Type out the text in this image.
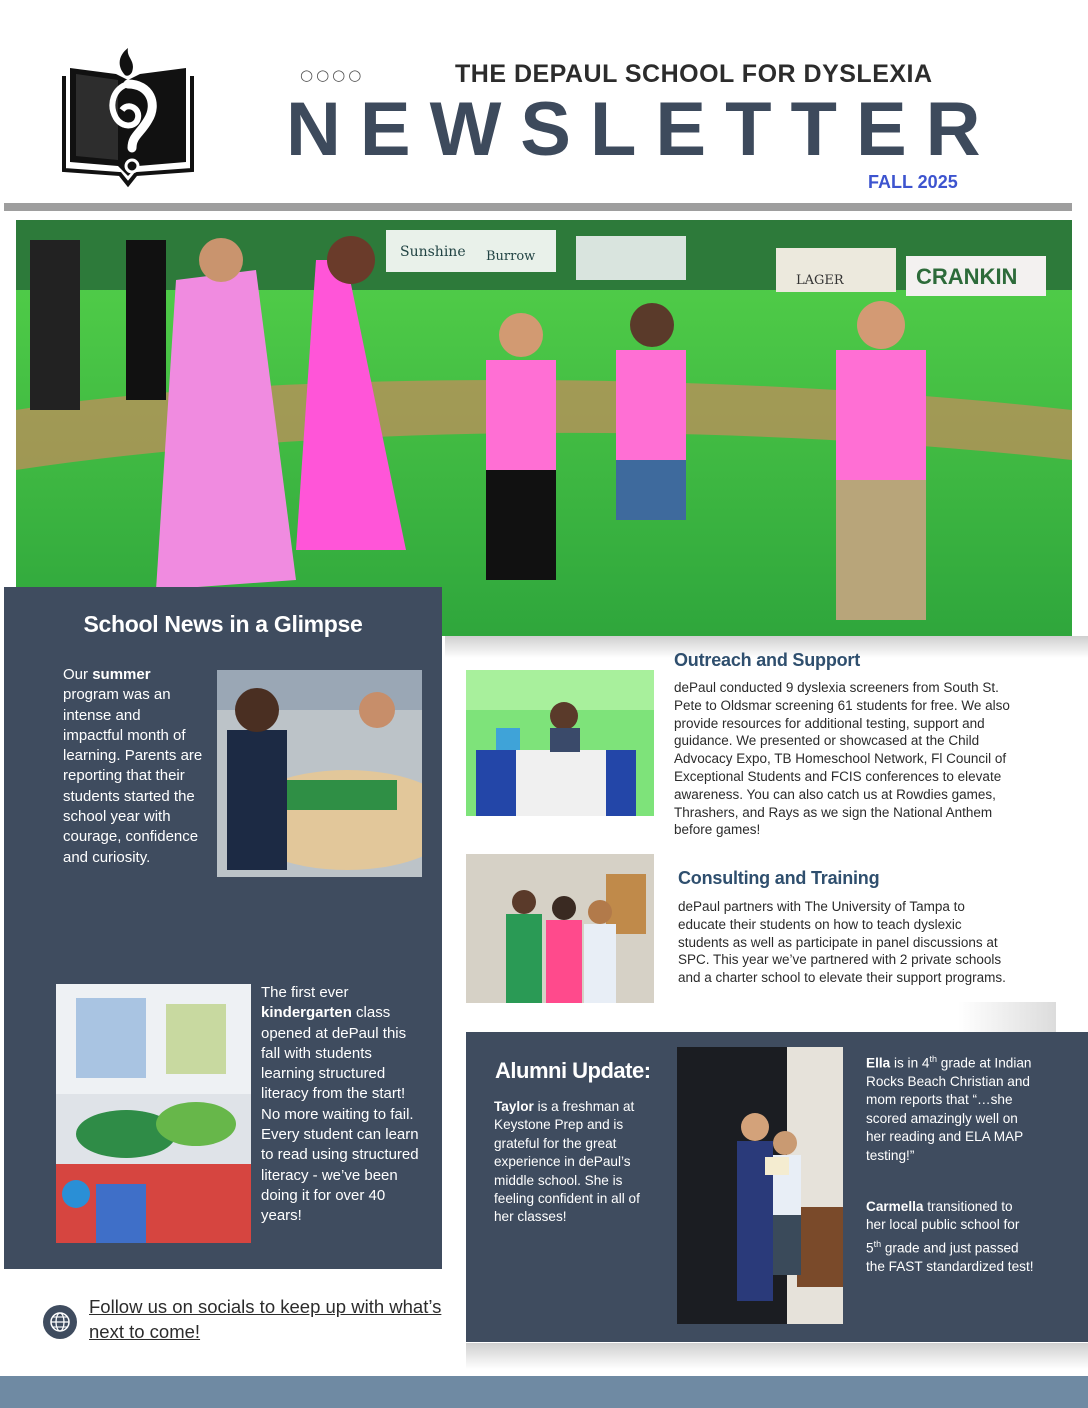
○○○○	THE DEPAUL SCHOOL FOR DYSLEXIA
NEWSLETTER
FALL 2025
Sunshine Burrow
CRANKIN
LAGER
School News in a Glimpse

Our summer program was an intense and impactful month of learning. Parents are reporting that their students started the school year with courage, confidence and curiosity.

The first ever kindergarten class opened at dePaul this fall with students learning structured literacy from the start! No more waiting to fail. Every student can learn to read using structured literacy - we’ve been doing it for over 40 years!

Outreach and Support

dePaul conducted 9 dyslexia screeners from South St. Pete to Oldsmar screening 61 students for free. We also provide resources for additional testing, support and guidance. We presented or showcased at the Child Advocacy Expo, TB Homeschool Network, Fl Council of Exceptional Students and FCIS conferences to elevate awareness. You can also catch us at Rowdies games, Thrashers, and Rays as we sign the National Anthem before games!

Consulting and Training

dePaul partners with The University of Tampa to educate their students on how to teach dyslexic students as well as participate in panel discussions at SPC. This year we’ve partnered with 2 private schools and a charter school to elevate their support programs.

Alumni Update:

Taylor is a freshman at Keystone Prep and is grateful for the great experience in dePaul’s middle school. She is feeling confident in all of her classes!

Ella is in 4th grade at Indian Rocks Beach Christian and mom reports that “…she scored amazingly well on her reading and ELA MAP testing!”

Carmella transitioned to her local public school for 5th grade and just passed the FAST standardized test!

Follow us on socials to keep up with what’s next to come!
